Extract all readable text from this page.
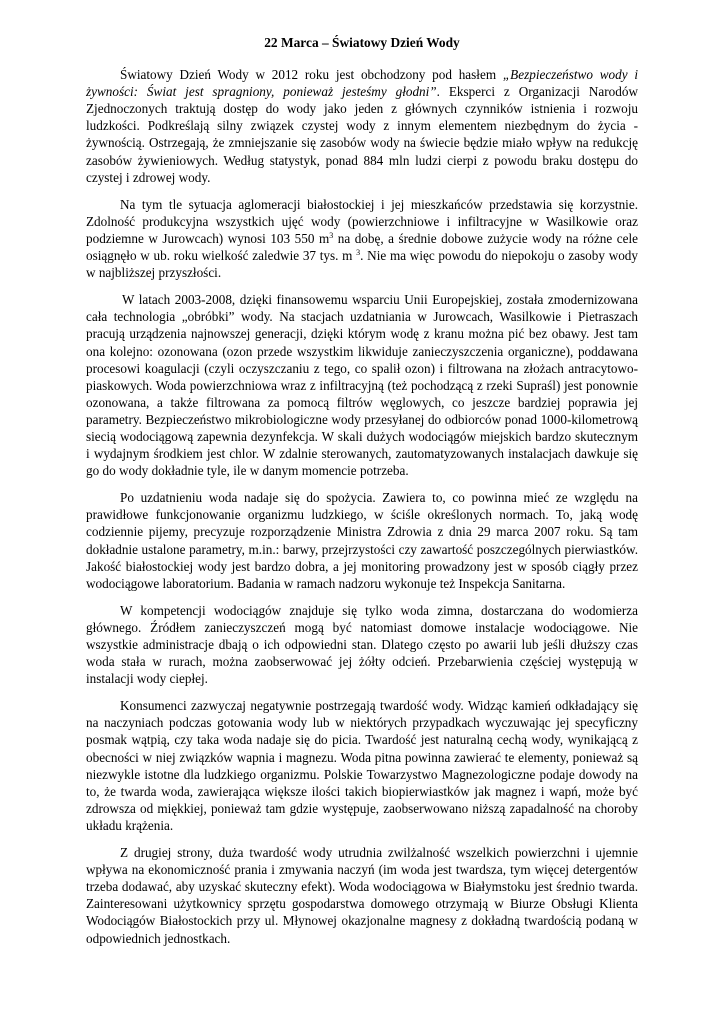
22 Marca – Światowy Dzień Wody

Światowy Dzień Wody w 2012 roku jest obchodzony pod hasłem „Bezpieczeństwo wody i żywności: Świat jest spragniony, ponieważ jesteśmy głodni”. Eksperci z Organizacji Narodów Zjednoczonych traktują dostęp do wody jako jeden z głównych czynników istnienia i rozwoju ludzkości. Podkreślają silny związek czystej wody z innym elementem niezbędnym do życia - żywnością. Ostrzegają, że zmniejszanie się zasobów wody na świecie będzie miało wpływ na redukcję zasobów żywieniowych. Według statystyk, ponad 884 mln ludzi cierpi z powodu braku dostępu do czystej i zdrowej wody.

Na tym tle sytuacja aglomeracji białostockiej i jej mieszkańców przedstawia się korzystnie. Zdolność produkcyjna wszystkich ujęć wody (powierzchniowe i infiltracyjne w Wasilkowie oraz podziemne w Jurowcach) wynosi 103 550 $m^3$ na dobę, a średnie dobowe zużycie wody na różne cele osiągnęło w ub. roku wielkość zaledwie 37 tys. m $^3$. Nie ma więc powodu do niepokoju o zasoby wody w najbliższej przyszłości.

W latach 2003-2008, dzięki finansowemu wsparciu Unii Europejskiej, została zmodernizowana cała technologia „obróbki” wody. Na stacjach uzdatniania w Jurowcach, Wasilkowie i Pietraszach pracują urządzenia najnowszej generacji, dzięki którym wodę z kranu można pić bez obawy. Jest tam ona kolejno: ozonowana (ozon przede wszystkim likwiduje zanieczyszczenia organiczne), poddawana procesowi koagulacji (czyli oczyszczaniu z tego, co spalił ozon) i filtrowana na złożach antracytowo-piaskowych. Woda powierzchniowa wraz z infiltracyjną (też pochodzącą z rzeki Supraśl) jest ponownie ozonowana, a także filtrowana za pomocą filtrów węglowych, co jeszcze bardziej poprawia jej parametry. Bezpieczeństwo mikrobiologiczne wody przesyłanej do odbiorców ponad 1000-kilometrową siecią wodociągową zapewnia dezynfekcja. W skali dużych wodociągów miejskich bardzo skutecznym i wydajnym środkiem jest chlor. W zdalnie sterowanych, zautomatyzowanych instalacjach dawkuje się go do wody dokładnie tyle, ile w danym momencie potrzeba.

Po uzdatnieniu woda nadaje się do spożycia. Zawiera to, co powinna mieć ze względu na prawidłowe funkcjonowanie organizmu ludzkiego, w ściśle określonych normach. To, jaką wodę codziennie pijemy, precyzuje rozporządzenie Ministra Zdrowia z dnia 29 marca 2007 roku. Są tam dokładnie ustalone parametry, m.in.: barwy, przejrzystości czy zawartość poszczególnych pierwiastków. Jakość białostockiej wody jest bardzo dobra, a jej monitoring prowadzony jest w sposób ciągły przez wodociągowe laboratorium. Badania w ramach nadzoru wykonuje też Inspekcja Sanitarna.

W kompetencji wodociągów znajduje się tylko woda zimna, dostarczana do wodomierza głównego. Źródłem zanieczyszczeń mogą być natomiast domowe instalacje wodociągowe. Nie wszystkie administracje dbają o ich odpowiedni stan. Dlatego często po awarii lub jeśli dłuższy czas woda stała w rurach, można zaobserwować jej żółty odcień. Przebarwienia częściej występują w instalacji wody ciepłej.

Konsumenci zazwyczaj negatywnie postrzegają twardość wody. Widząc kamień odkładający się na naczyniach podczas gotowania wody lub w niektórych przypadkach wyczuwając jej specyficzny posmak wątpią, czy taka woda nadaje się do picia. Twardość jest naturalną cechą wody, wynikającą z obecności w niej związków wapnia i magnezu. Woda pitna powinna zawierać te elementy, ponieważ są niezwykle istotne dla ludzkiego organizmu. Polskie Towarzystwo Magnezologiczne podaje dowody na to, że twarda woda, zawierająca większe ilości takich biopierwiastków jak magnez i wapń, może być zdrowsza od miękkiej, ponieważ tam gdzie występuje, zaobserwowano niższą zapadalność na choroby układu krążenia.

Z drugiej strony, duża twardość wody utrudnia zwilżalność wszelkich powierzchni i ujemnie wpływa na ekonomiczność prania i zmywania naczyń (im woda jest twardsza, tym więcej detergentów trzeba dodawać, aby uzyskać skuteczny efekt). Woda wodociągowa w Białymstoku jest średnio twarda. Zainteresowani użytkownicy sprzętu gospodarstwa domowego otrzymają w Biurze Obsługi Klienta Wodociągów Białostockich przy ul. Młynowej okazjonalne magnesy z dokładną twardością podaną w odpowiednich jednostkach.
